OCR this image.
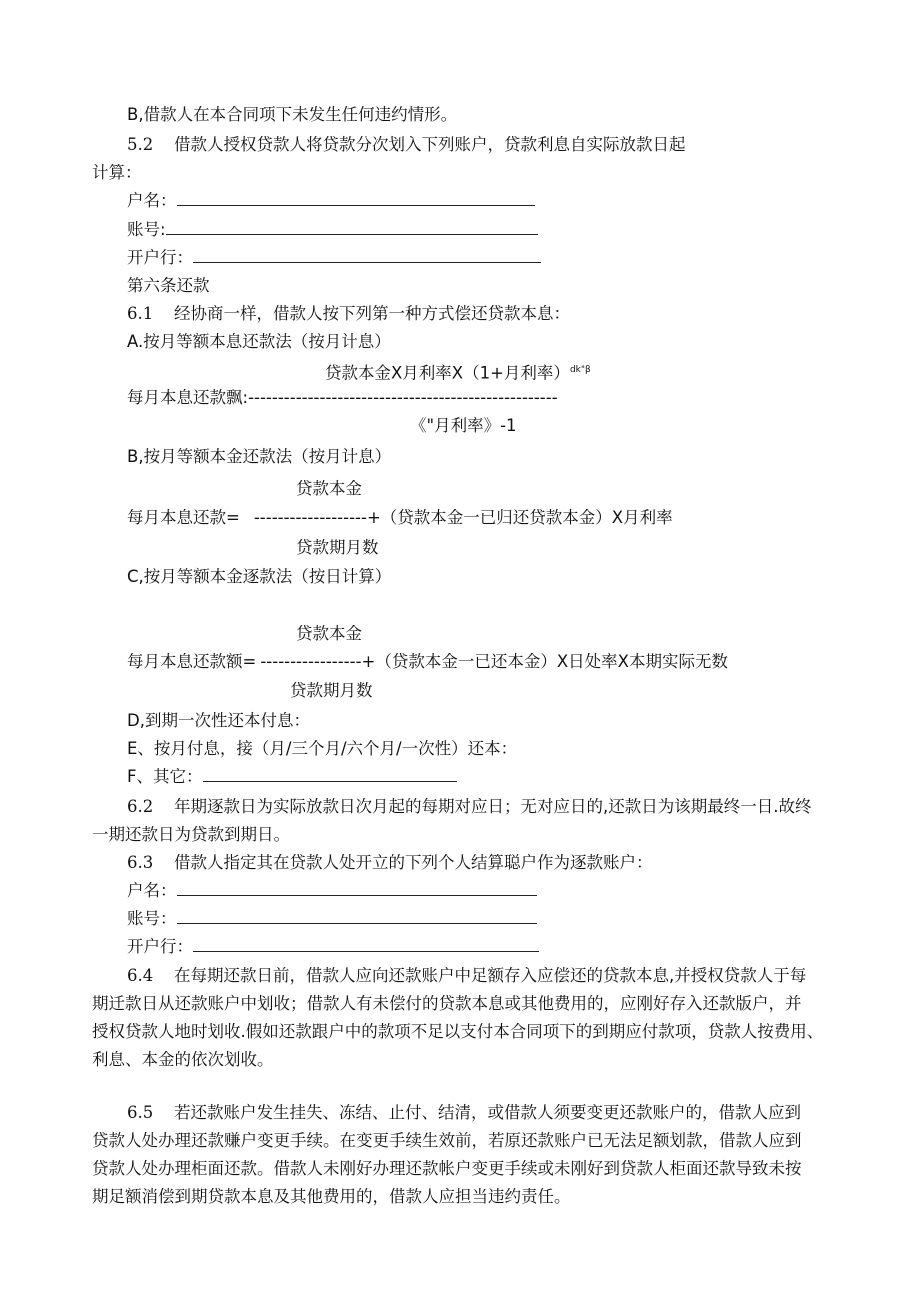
B,借款人在本合同项下未发生任何违约情形。
5.2 借款人授权贷款人将贷款分次划入下列账户，贷款利息自实际放款日起
计算：
户名：
账号:
开户行：
第六条还款
6.1 经协商一样，借款人按下列第一种方式偿还贷款本息：
A.按月等额本息还款法（按月计息）
贷款本金X月利率X（1+月利率）$^{dk"\beta}$
每月本息还款飘:----------------------------------------------------
《"月利率》-1
B,按月等额本金还款法（按月计息）
贷款本金
每月本息还款= -------------------+（贷款本金一已归还贷款本金）X月利率
贷款期月数
C,按月等额本金逐款法（按日计算）
贷款本金
每月本息还款额= -----------------+（贷款本金一已还本金）X日处率X本期实际无数
贷款期月数
D,到期一次性还本付息：
E、按月付息，接（月/三个月/六个月/一次性）还本：
F、其它：
6.2 年期逐款日为实际放款日次月起的每期对应日；无对应日的,还款日为该期最终一日.故终
一期还款日为贷款到期日。
6.3 借款人指定其在贷款人处开立的下列个人结算聪户作为逐款账户：
户名：
账号：
开户行：
6.4 在每期还款日前，借款人应向还款账户中足额存入应偿还的贷款本息,并授权贷款人于每
期迁款日从还款账户中划收；借款人有未偿付的贷款本息或其他费用的，应刚好存入还款版户，并
授权贷款人地时划收.假如还款跟户中的款项不足以支付本合同项下的到期应付款项，贷款人按费用、
利息、本金的依次划收。
6.5 若还款账户发生挂失、冻结、止付、结清，或借款人须要变更还款账户的，借款人应到
贷款人处办理还款赚户变更手续。在变更手续生效前，若原还款账户已无法足额划款，借款人应到
贷款人处办理柜面还款。借款人未刚好办理还款帐户变更手续或未刚好到贷款人柜面还款导致未按
期足额消偿到期贷款本息及其他费用的，借款人应担当违约责任。
